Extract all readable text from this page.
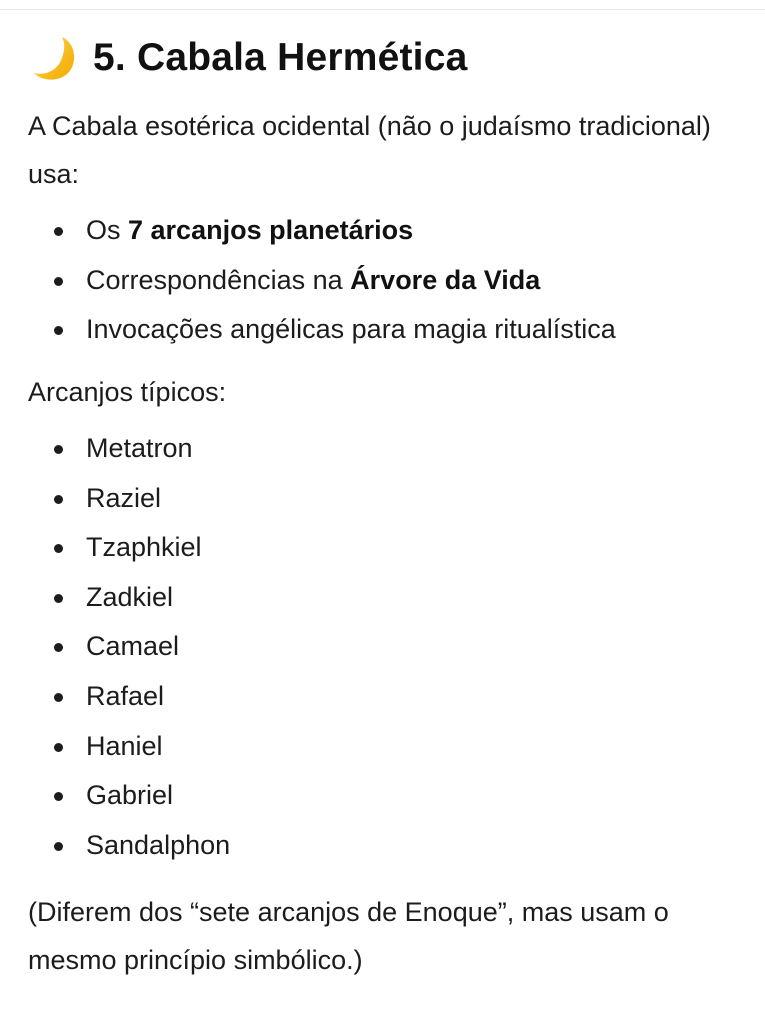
5. Cabala Hermética
A Cabala esotérica ocidental (não o judaísmo tradicional) usa:
Os 7 arcanjos planetários
Correspondências na Árvore da Vida
Invocações angélicas para magia ritualística
Arcanjos típicos:
Metatron
Raziel
Tzaphkiel
Zadkiel
Camael
Rafael
Haniel
Gabriel
Sandalphon
(Diferem dos “sete arcanjos de Enoque”, mas usam o mesmo princípio simbólico.)
